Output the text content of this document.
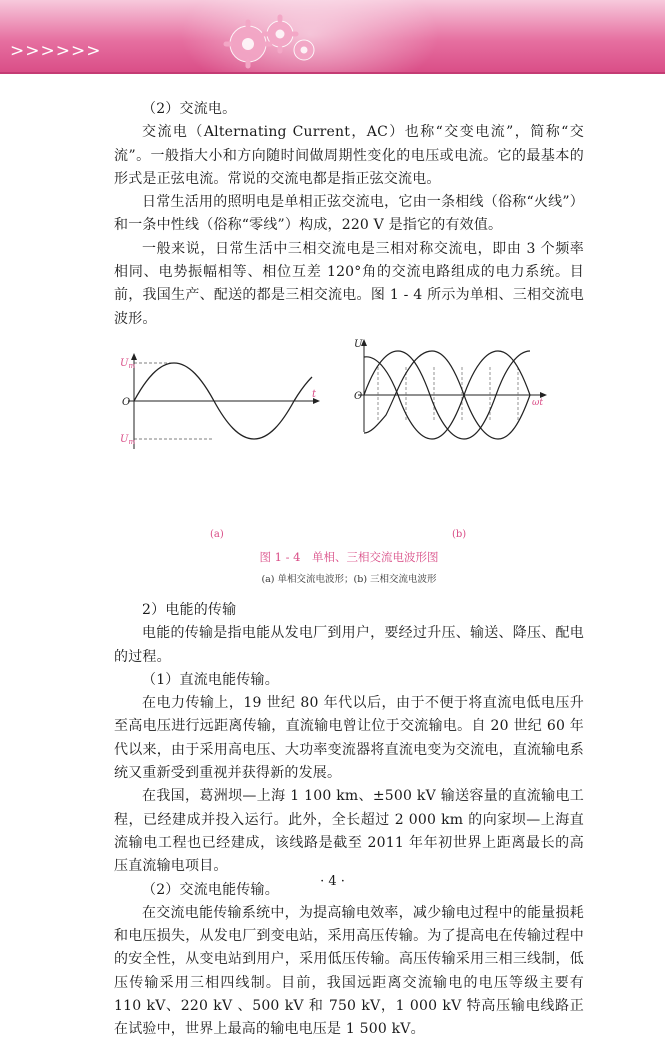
>>>>>>

（2）交流电。

交流电（Alternating Current，AC）也称“交变电流”，简称“交流”。一般指大小和方向随时间做周期性变化的电压或电流。它的最基本的形式是正弦电流。常说的交流电都是指正弦交流电。

日常生活用的照明电是单相正弦交流电，它由一条相线（俗称“火线”）和一条中性线（俗称“零线”）构成，220 V 是指它的有效值。

一般来说，日常生活中三相交流电是三相对称交流电，即由 3 个频率相同、电势振幅相等、相位互差 120°角的交流电路组成的电力系统。目前，我国生产、配送的都是三相交流电。图 1 - 4 所示为单相、三相交流电波形。

$U_m$
O
$U_m$
t
U
O
ωt
(a)	(b)
图 1 - 4　单相、三相交流电波形图
(a) 单相交流电波形；(b) 三相交流电波形

2）电能的传输

电能的传输是指电能从发电厂到用户，要经过升压、输送、降压、配电的过程。

（1）直流电能传输。

在电力传输上，19 世纪 80 年代以后，由于不便于将直流电低电压升至高电压进行远距离传输，直流输电曾让位于交流输电。自 20 世纪 60 年代以来，由于采用高电压、大功率变流器将直流电变为交流电，直流输电系统又重新受到重视并获得新的发展。

在我国，葛洲坝—上海 1 100 km、±500 kV 输送容量的直流输电工程，已经建成并投入运行。此外，全长超过 2 000 km 的向家坝—上海直流输电工程也已经建成，该线路是截至 2011 年年初世界上距离最长的高压直流输电项目。

（2）交流电能传输。

在交流电能传输系统中，为提高输电效率，减少输电过程中的能量损耗和电压损失，从发电厂到变电站，采用高压传输。为了提高电在传输过程中的安全性，从变电站到用户，采用低压传输。高压传输采用三相三线制，低压传输采用三相四线制。目前，我国远距离交流输电的电压等级主要有 110 kV、220 kV 、500 kV 和 750 kV，1 000 kV 特高压输电线路正在试验中，世界上最高的输电电压是 1 500 kV。

· 4 ·
